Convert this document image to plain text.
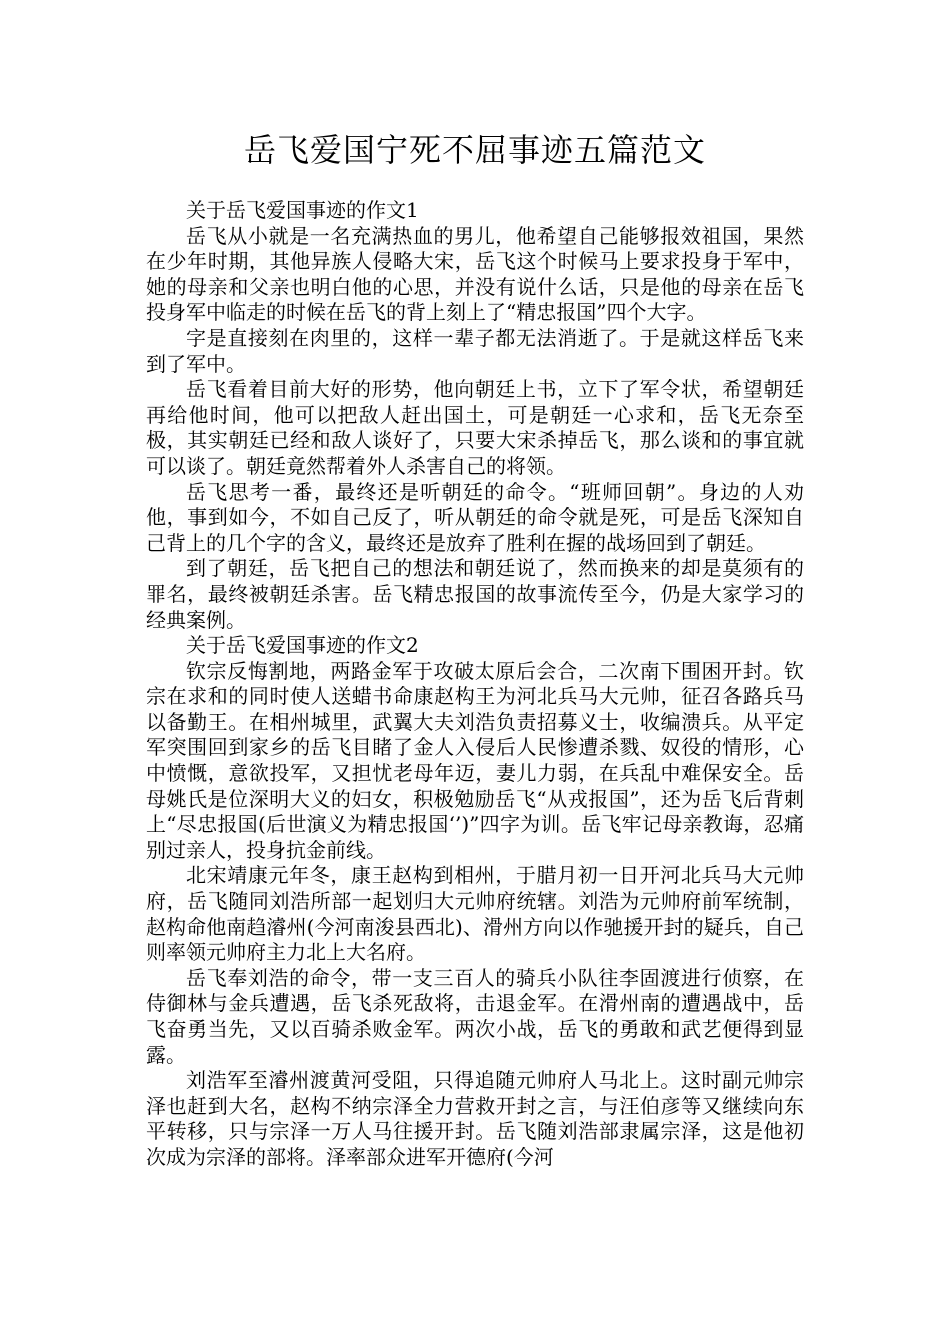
岳飞爱国宁死不屈事迹五篇范文

关于岳飞爱国事迹的作文1

岳飞从小就是一名充满热血的男儿，他希望自己能够报效祖国，果然在少年时期，其他异族人侵略大宋，岳飞这个时候马上要求投身于军中，她的母亲和父亲也明白他的心思，并没有说什么话，只是他的母亲在岳飞投身军中临走的时候在岳飞的背上刻上了“精忠报国”四个大字。

字是直接刻在肉里的，这样一辈子都无法消逝了。于是就这样岳飞来到了军中。

岳飞看着目前大好的形势，他向朝廷上书，立下了军令状，希望朝廷再给他时间，他可以把敌人赶出国土，可是朝廷一心求和，岳飞无奈至极，其实朝廷已经和敌人谈好了，只要大宋杀掉岳飞，那么谈和的事宜就可以谈了。朝廷竟然帮着外人杀害自己的将领。

岳飞思考一番，最终还是听朝廷的命令。“班师回朝”。身边的人劝他，事到如今，不如自己反了，听从朝廷的命令就是死，可是岳飞深知自己背上的几个字的含义，最终还是放弃了胜利在握的战场回到了朝廷。

到了朝廷，岳飞把自己的想法和朝廷说了，然而换来的却是莫须有的罪名，最终被朝廷杀害。岳飞精忠报国的故事流传至今，仍是大家学习的经典案例。

关于岳飞爱国事迹的作文2

钦宗反悔割地，两路金军于攻破太原后会合，二次南下围困开封。钦宗在求和的同时使人送蜡书命康赵构王为河北兵马大元帅，征召各路兵马以备勤王。在相州城里，武翼大夫刘浩负责招募义士，收编溃兵。从平定军突围回到家乡的岳飞目睹了金人入侵后人民惨遭杀戮、奴役的情形，心中愤慨，意欲投军，又担忧老母年迈，妻儿力弱，在兵乱中难保安全。岳母姚氏是位深明大义的妇女，积极勉励岳飞“从戎报国”，还为岳飞后背刺上“尽忠报国(后世演义为精忠报国‘’)”四字为训。岳飞牢记母亲教诲，忍痛别过亲人，投身抗金前线。

北宋靖康元年冬，康王赵构到相州，于腊月初一日开河北兵马大元帅府，岳飞随同刘浩所部一起划归大元帅府统辖。刘浩为元帅府前军统制，赵构命他南趋濬州(今河南浚县西北)、滑州方向以作驰援开封的疑兵，自己则率领元帅府主力北上大名府。

岳飞奉刘浩的命令，带一支三百人的骑兵小队往李固渡进行侦察，在侍御林与金兵遭遇，岳飞杀死敌将，击退金军。在滑州南的遭遇战中，岳飞奋勇当先，又以百骑杀败金军。两次小战，岳飞的勇敢和武艺便得到显露。

刘浩军至濬州渡黄河受阻，只得追随元帅府人马北上。这时副元帅宗泽也赶到大名，赵构不纳宗泽全力营救开封之言，与汪伯彦等又继续向东平转移，只与宗泽一万人马往援开封。岳飞随刘浩部隶属宗泽，这是他初次成为宗泽的部将。泽率部众进军开德府(今河
